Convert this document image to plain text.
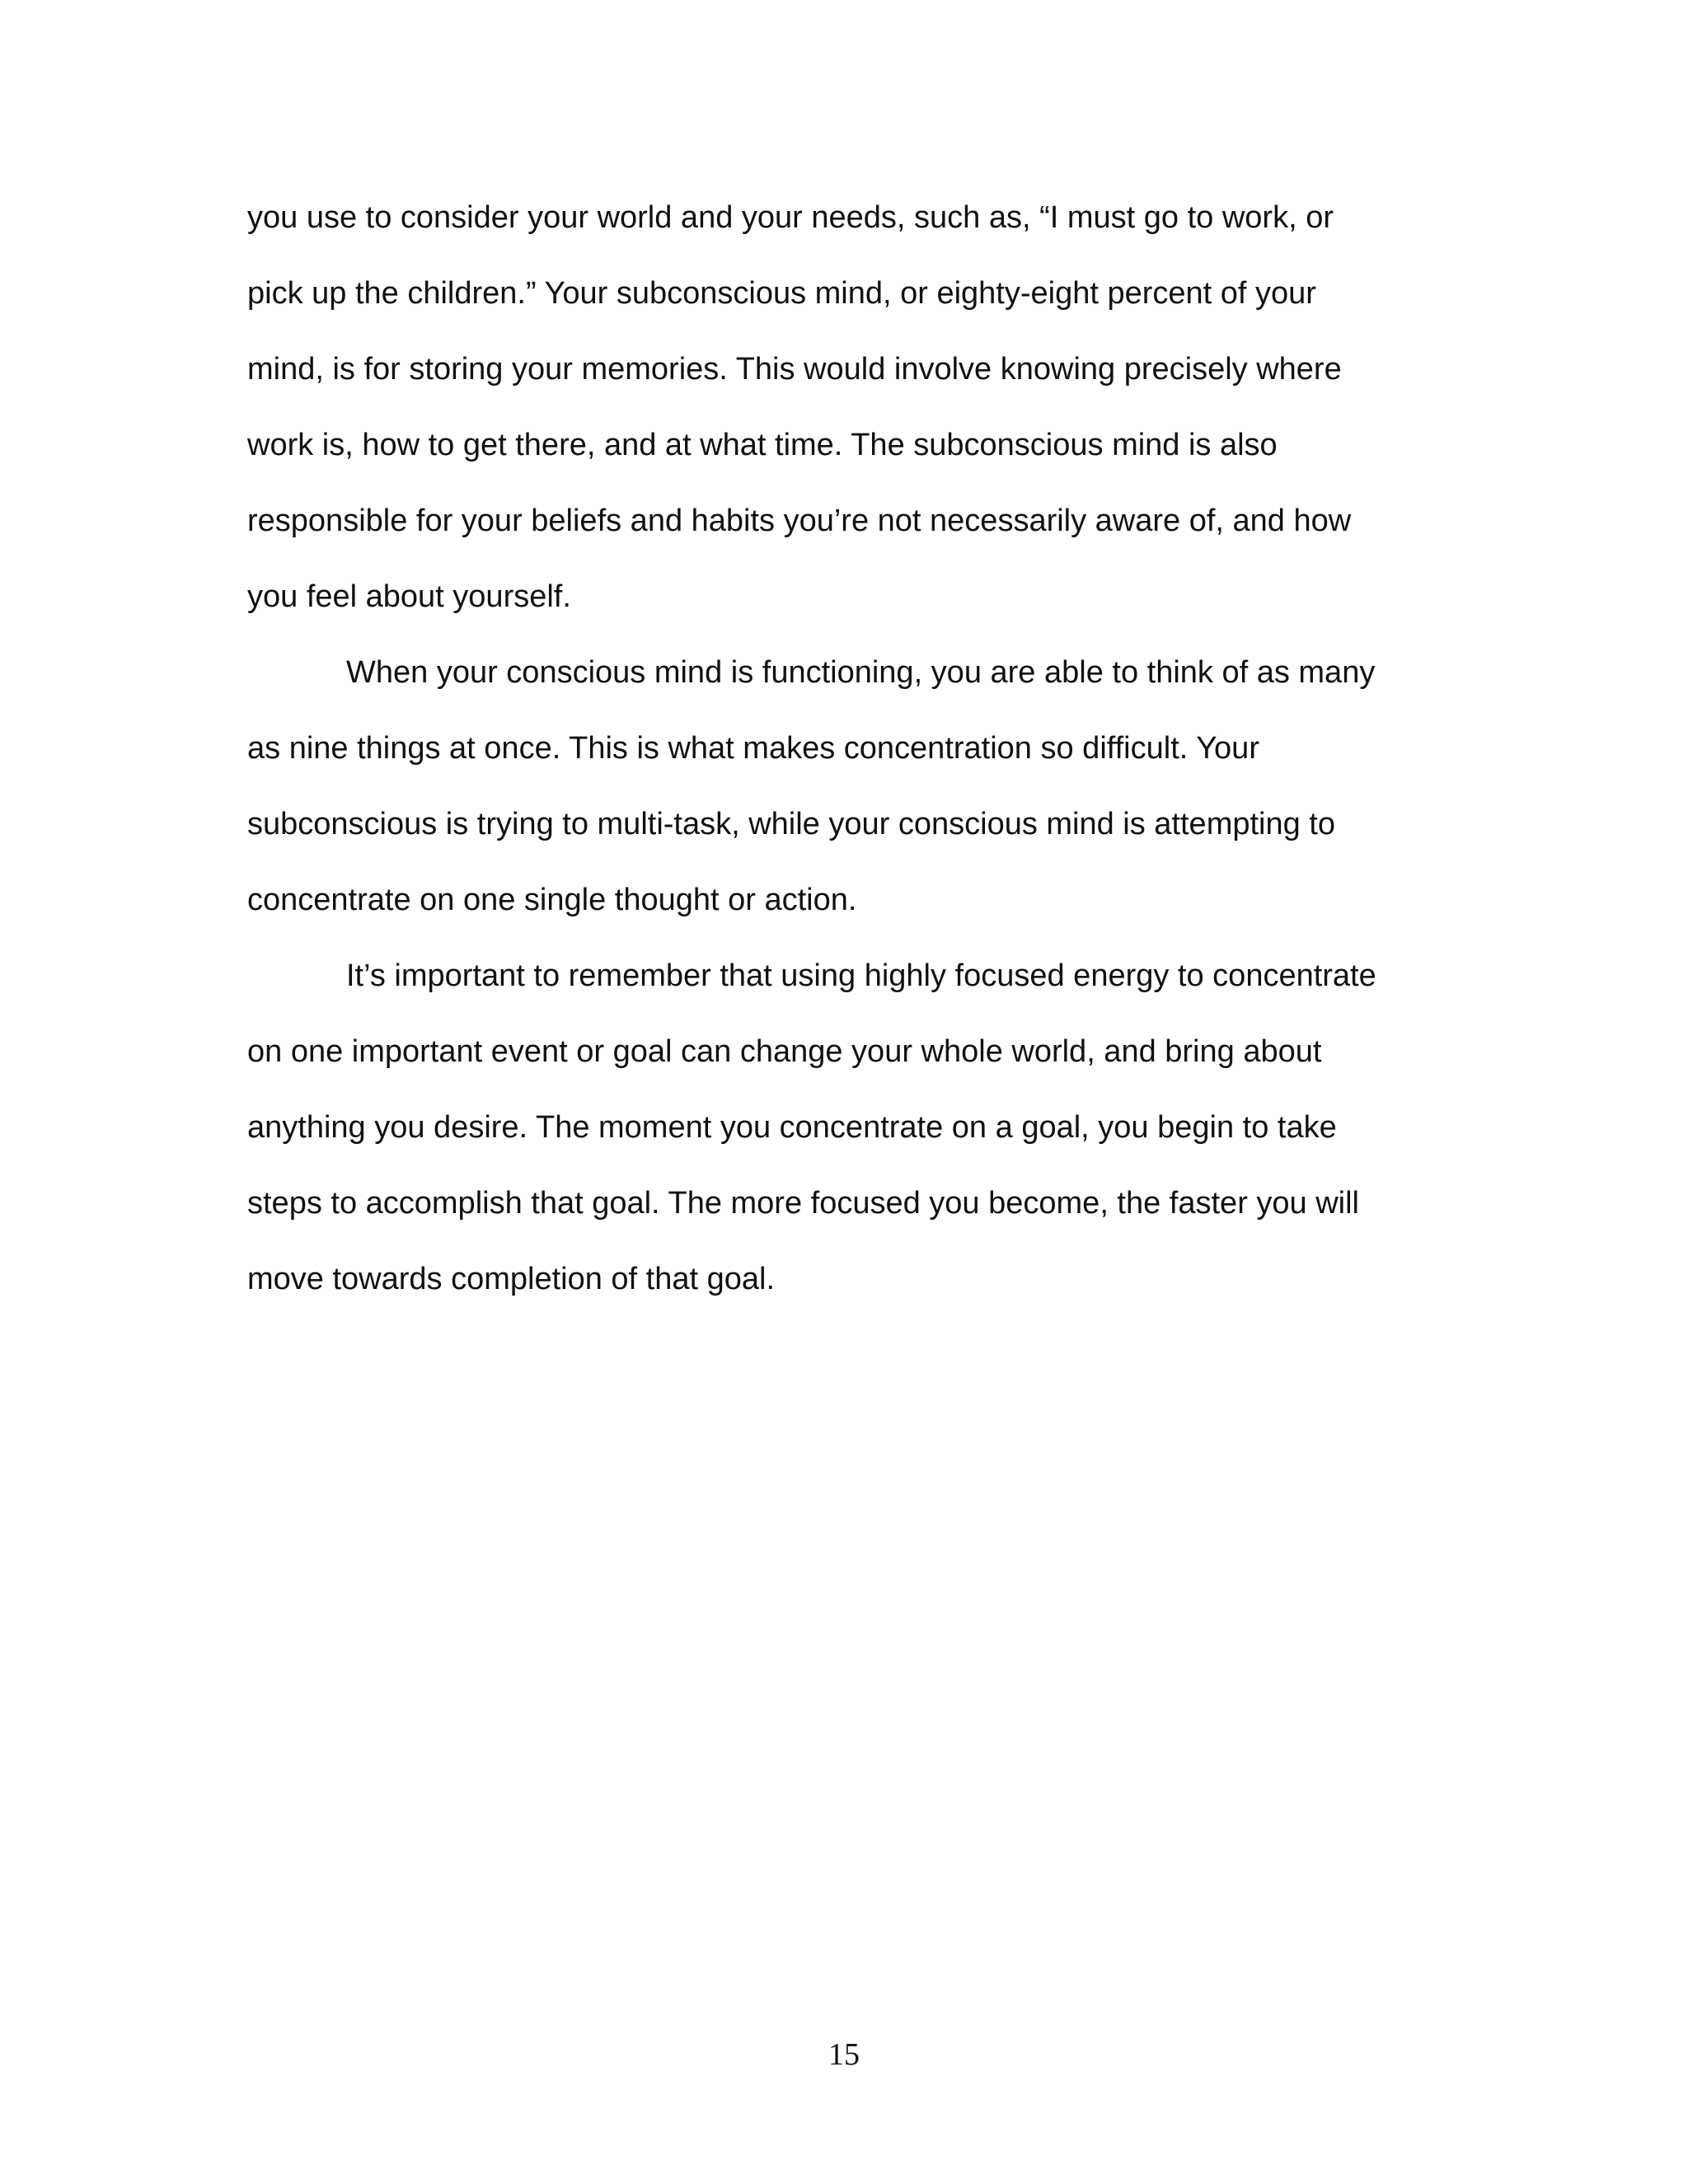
you use to consider your world and your needs, such as, “I must go to work, or
pick up the children.” Your subconscious mind, or eighty-eight percent of your
mind, is for storing your memories. This would involve knowing precisely where
work is, how to get there, and at what time. The subconscious mind is also
responsible for your beliefs and habits you’re not necessarily aware of, and how
you feel about yourself.
When your conscious mind is functioning, you are able to think of as many
as nine things at once. This is what makes concentration so difficult. Your
subconscious is trying to multi-task, while your conscious mind is attempting to
concentrate on one single thought or action.
It’s important to remember that using highly focused energy to concentrate
on one important event or goal can change your whole world, and bring about
anything you desire. The moment you concentrate on a goal, you begin to take
steps to accomplish that goal. The more focused you become, the faster you will
move towards completion of that goal.
15
